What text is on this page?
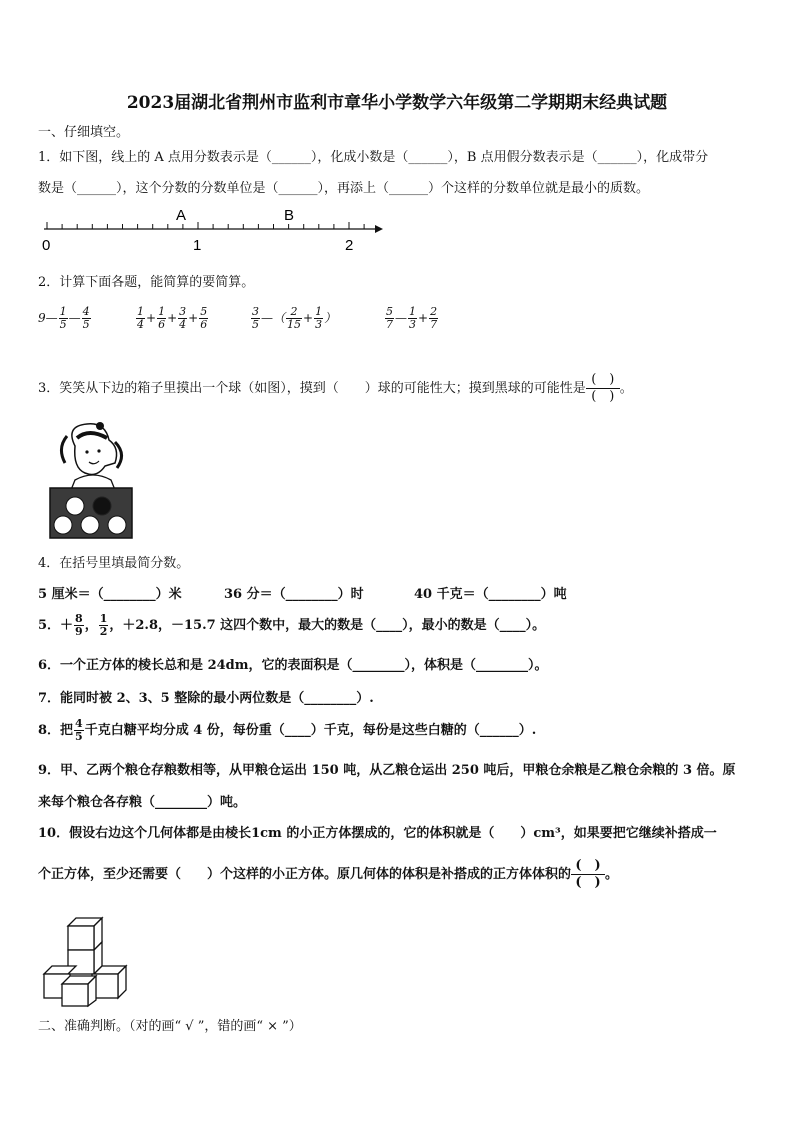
2023届湖北省荆州市监利市章华小学数学六年级第二学期期末经典试题
一、仔细填空。
1．如下图，线上的 A 点用分数表示是（______），化成小数是（______），B 点用假分数表示是（______），化成带分
数是（______），这个分数的分数单位是（______），再添上（______）个这样的分数单位就是最小的质数。
A	B
0	1	2
2．计算下面各题，能简算的要简算。
9— $\frac{1}{5}$ — $\frac{4}{5}$	$\frac{1}{4} + \frac{1}{6} + \frac{3}{4} + \frac{5}{6}$	$\frac{3}{5}$ —（ $\frac{2}{15} + \frac{1}{3}$ ）	$\frac{5}{7}$ — $\frac{1}{3} + \frac{2}{7}$
3．笑笑从下边的箱子里摸出一个球（如图），摸到（　　）球的可能性大；摸到黑球的可能性是
(　)
(　)。
4．在括号里填最简分数。
5 厘米＝（________）米	36 分＝（________）时	40 千克＝（________）吨
5．＋ $\frac{8}{9}$ ， $\frac{1}{2}$ ，＋2.8，－15.7 这四个数中，最大的数是（____），最小的数是（____）。
6．一个正方体的棱长总和是 24dm，它的表面积是（________），体积是（________）。
7．能同时被 2、3、5 整除的最小两位数是（________）.
8．把 $\frac{4}{5}$ 千克白糖平均分成 4 份，每份重（____）千克，每份是这些白糖的（______）.
9．甲、乙两个粮仓存粮数相等，从甲粮仓运出 150 吨，从乙粮仓运出 250 吨后，甲粮仓余粮是乙粮仓余粮的 3 倍。原
来每个粮仓各存粮（________）吨。
10．假设右边这个几何体都是由棱长1cm 的小正方体摆成的，它的体积就是（　　）cm³，如果要把它继续补搭成一
个正方体，至少还需要（　　）个这样的小正方体。原几何体的体积是补搭成的正方体体积的
(　)
(　)。
二、准确判断。（对的画“ √ ”，错的画“ × ”）
